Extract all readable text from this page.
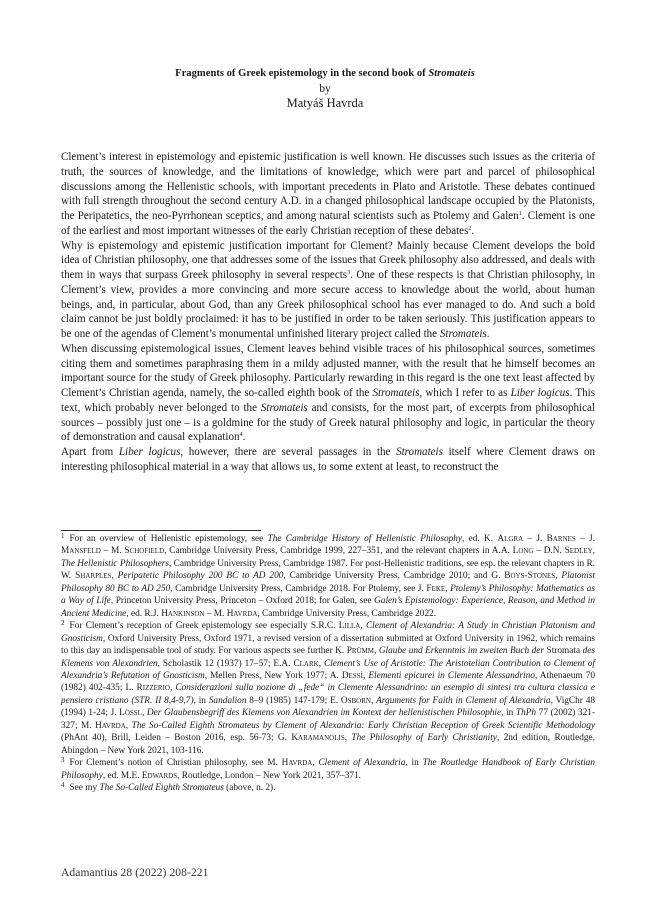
Fragments of Greek epistemology in the second book of Stromateis
by
Matyáš Havrda

Clement’s interest in epistemology and epistemic justification is well known. He discusses such issues as the criteria of truth, the sources of knowledge, and the limitations of knowledge, which were part and parcel of philosophical discussions among the Hellenistic schools, with important precedents in Plato and Aristotle. These debates continued with full strength throughout the second century A.D. in a changed philosophical landscape occupied by the Platonists, the Peripatetics, the neo-Pyrrhonean sceptics, and among natural scientists such as Ptolemy and Galen$^1$. Clement is one of the earliest and most important witnesses of the early Christian reception of these debates$^2$.

Why is epistemology and epistemic justification important for Clement? Mainly because Clement develops the bold idea of Christian philosophy, one that addresses some of the issues that Greek philosophy also addressed, and deals with them in ways that surpass Greek philosophy in several respects$^3$. One of these respects is that Christian philosophy, in Clement’s view, provides a more convincing and more secure access to knowledge about the world, about human beings, and, in particular, about God, than any Greek philosophical school has ever managed to do. And such a bold claim cannot be just boldly proclaimed: it has to be justified in order to be taken seriously. This justification appears to be one of the agendas of Clement’s monumental unfinished literary project called the Stromateis.

When discussing epistemological issues, Clement leaves behind visible traces of his philosophical sources, sometimes citing them and sometimes paraphrasing them in a mildy adjusted manner, with the result that he himself becomes an important source for the study of Greek philosophy. Particularly rewarding in this regard is the one text least affected by Clement’s Christian agenda, namely, the so-called eighth book of the Stromateis, which I refer to as Liber logicus. This text, which probably never belonged to the Stromateis and consists, for the most part, of excerpts from philosophical sources – possibly just one – is a goldmine for the study of Greek natural philosophy and logic, in particular the theory of demonstration and causal explanation$^4$.

Apart from Liber logicus, however, there are several passages in the Stromateis itself where Clement draws on interesting philosophical material in a way that allows us, to some extent at least, to reconstruct the

$^1$ For an overview of Hellenistic epistemology, see The Cambridge History of Hellenistic Philosophy, ed. K. Algra – J. Barnes – J. Mansfeld – M. Schofield, Cambridge University Press, Cambridge 1999, 227–351, and the relevant chapters in A.A. Long – D.N. Sedley, The Hellenistic Philosophers, Cambridge University Press, Cambridge 1987. For post-Hellenistic traditions, see esp. the relevant chapters in R. W. Sharples, Peripatetic Philosophy 200 BC to AD 200, Cambridge University Press, Cambridge 2010; and G. Boys-Stones, Platonist Philosophy 80 BC to AD 250, Cambridge University Press, Cambridge 2018. For Ptolemy, see J. Feke, Ptolemy’s Philosophy: Mathematics as a Way of Life, Princeton University Press, Princeton – Oxford 2018; for Galen, see Galen’s Epistemology: Experience, Reason, and Method in Ancient Medicine, ed. R.J. Hankinson – M. Havrda, Cambridge University Press, Cambridge 2022.

$^2$ For Clement’s reception of Greek epistemology see especially S.R.C. Lilla, Clement of Alexandria: A Study in Christian Platonism and Gnosticism, Oxford University Press, Oxford 1971, a revised version of a dissertation submitted at Oxford University in 1962, which remains to this day an indispensable tool of study. For various aspects see further K. Prümm, Glaube und Erkenntnis im zweiten Buch der Stromata des Klemens von Alexandrien, Scholastik 12 (1937) 17–57; E.A. Clark, Clement’s Use of Aristotle: The Aristotelian Contribution to Clement of Alexandria’s Refutation of Gnosticism, Mellen Press, New York 1977; A. Dessì, Elementi epicurei in Clemente Alessandrino, Athenaeum 70 (1982) 402-435; L. Rizzerio, Considerazioni sulla nozione di „fede“ in Clemente Alessandrino: un esempio di sintesi tra cultura classica e pensiero cristiano (STR. II 8,4-9,7), in Sandalion 8–9 (1985) 147-179; E. Osborn, Arguments for Faith in Clement of Alexandria, VigChr 48 (1994) 1-24; J. Lössl, Der Glaubensbegriff des Klemens von Alexandrien im Kontext der hellenistischen Philosophie, in ThPh 77 (2002) 321-327; M. Havrda, The So-Called Eighth Stromateus by Clement of Alexandria: Early Christian Reception of Greek Scientific Methodology (PhAnt 40), Brill, Leiden – Boston 2016, esp. 56-73; G. Karamanolis, The Philosophy of Early Christianity, 2nd edition, Routledge, Abingdon – New York 2021, 103-116.

$^3$ For Clement’s notion of Christian philosophy, see M. Havrda, Clement of Alexandria, in The Routledge Handbook of Early Christian Philosophy, ed. M.E. Edwards, Routledge, London – New York 2021, 357–371.

$^4$ See my The So-Called Eighth Stromateus (above, n. 2).

Adamantius 28 (2022) 208-221
